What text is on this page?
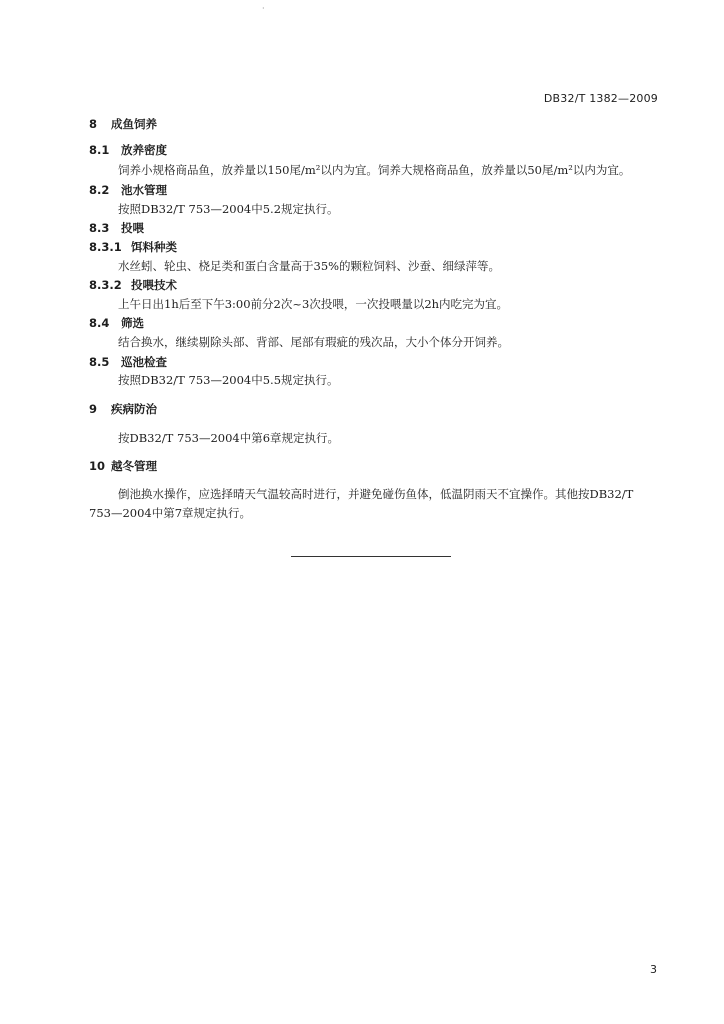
·
DB32/T 1382—2009
8 成鱼饲养
8.1 放养密度
饲养小规格商品鱼，放养量以150尾/m²以内为宜。饲养大规格商品鱼，放养量以50尾/m²以内为宜。
8.2 池水管理
按照DB32/T 753—2004中5.2规定执行。
8.3 投喂
8.3.1 饵料种类
水丝蚓、轮虫、桡足类和蛋白含量高于35%的颗粒饲料、沙蚕、细绿萍等。
8.3.2 投喂技术
上午日出1h后至下午3:00前分2次~3次投喂，一次投喂量以2h内吃完为宜。
8.4 筛选
结合换水，继续剔除头部、背部、尾部有瑕疵的残次品，大小个体分开饲养。
8.5 巡池检查
按照DB32/T 753—2004中5.5规定执行。
9 疾病防治
按DB32/T 753—2004中第6章规定执行。
10 越冬管理
倒池换水操作，应选择晴天气温较高时进行，并避免碰伤鱼体，低温阴雨天不宜操作。其他按DB32/T
753—2004中第7章规定执行。
3
